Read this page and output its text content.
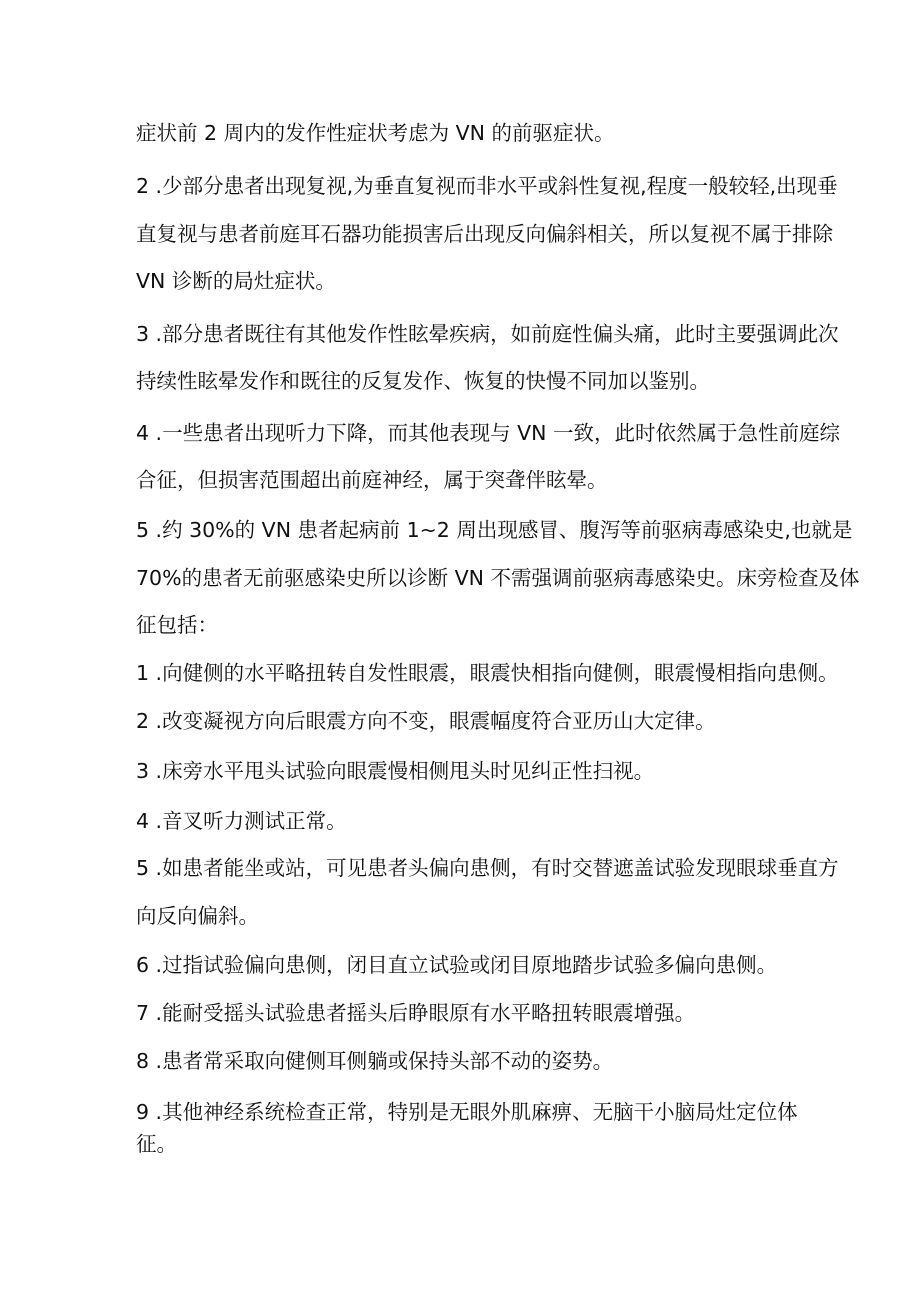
症状前 2 周内的发作性症状考虑为 VN 的前驱症状。
2 .少部分患者出现复视,为垂直复视而非水平或斜性复视,程度一般较轻,出现垂
直复视与患者前庭耳石器功能损害后出现反向偏斜相关，所以复视不属于排除
VN 诊断的局灶症状。
3 .部分患者既往有其他发作性眩晕疾病，如前庭性偏头痛，此时主要强调此次
持续性眩晕发作和既往的反复发作、恢复的快慢不同加以鉴别。
4 .一些患者出现听力下降，而其他表现与 VN 一致，此时依然属于急性前庭综
合征，但损害范围超出前庭神经，属于突聋伴眩晕。
5 .约 30%的 VN 患者起病前 1~2 周出现感冒、腹泻等前驱病毒感染史,也就是
70%的患者无前驱感染史所以诊断 VN 不需强调前驱病毒感染史。床旁检查及体
征包括：
1 .向健侧的水平略扭转自发性眼震，眼震快相指向健侧，眼震慢相指向患侧。
2 .改变凝视方向后眼震方向不变，眼震幅度符合亚历山大定律。
3 .床旁水平甩头试验向眼震慢相侧甩头时见纠正性扫视。
4 .音叉听力测试正常。
5 .如患者能坐或站，可见患者头偏向患侧，有时交替遮盖试验发现眼球垂直方
向反向偏斜。
6 .过指试验偏向患侧，闭目直立试验或闭目原地踏步试验多偏向患侧。
7 .能耐受摇头试验患者摇头后睁眼原有水平略扭转眼震增强。
8 .患者常采取向健侧耳侧躺或保持头部不动的姿势。
9 .其他神经系统检查正常，特别是无眼外肌麻痹、无脑干小脑局灶定位体
征。
